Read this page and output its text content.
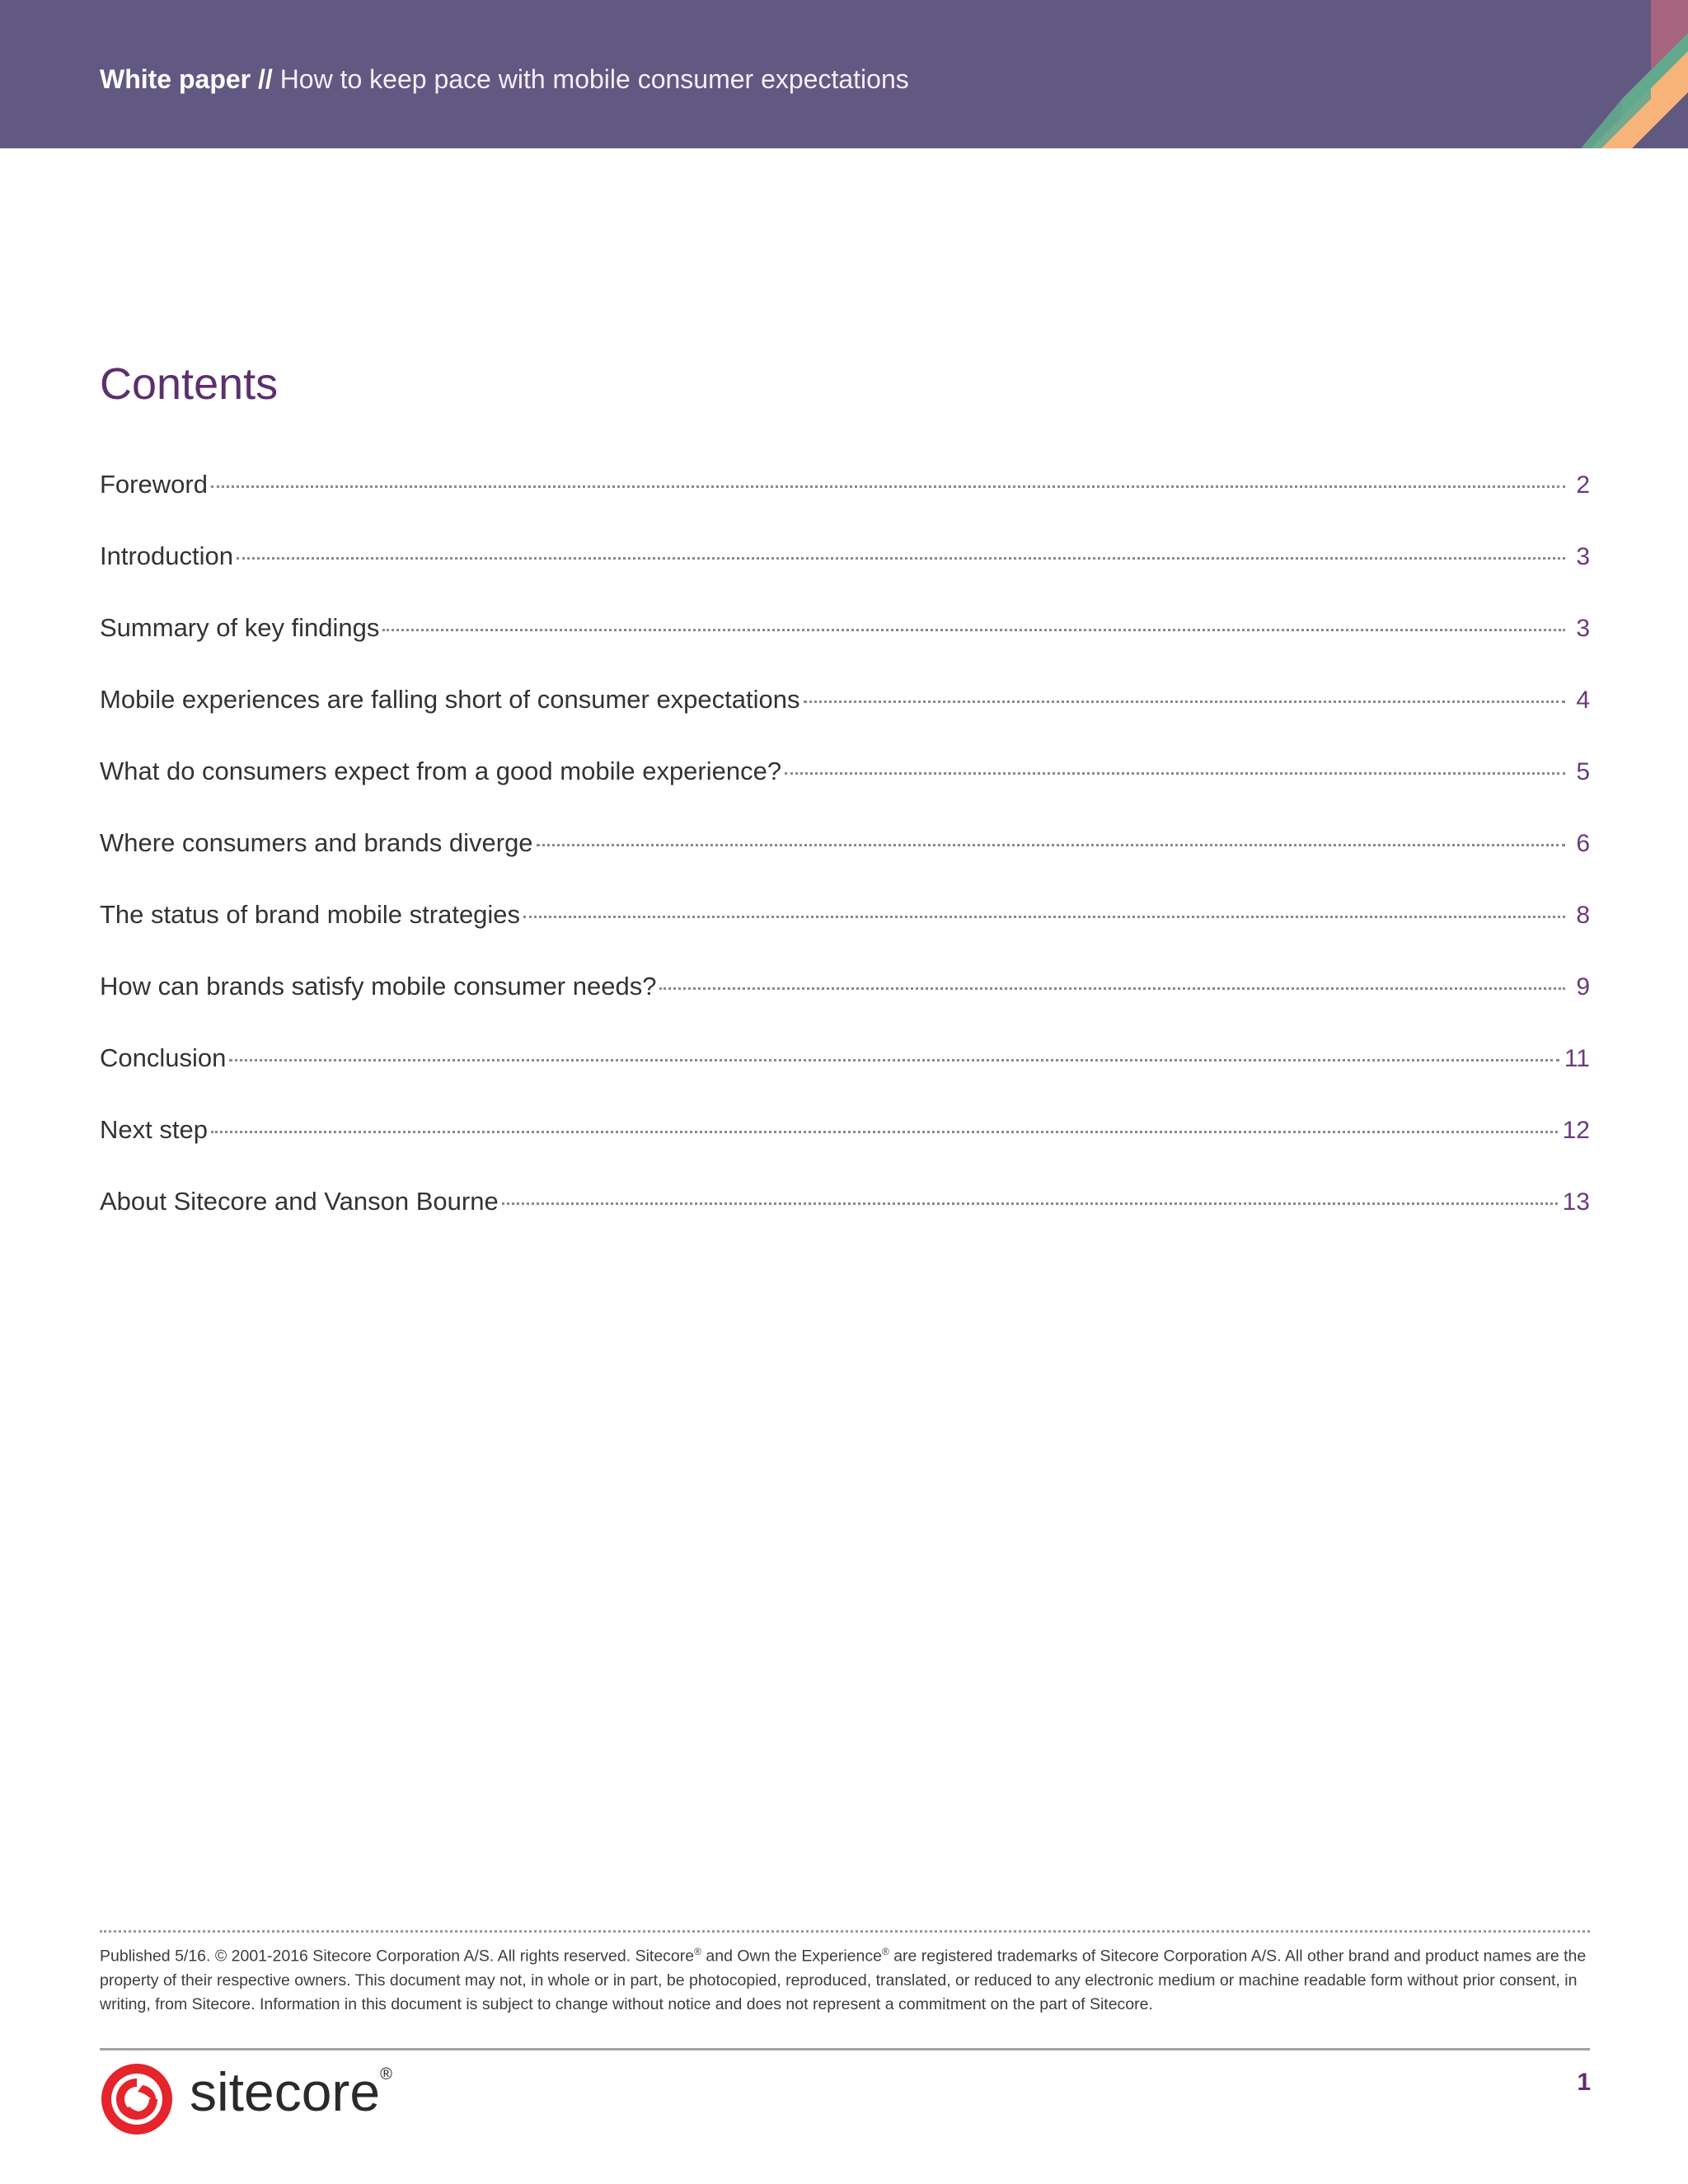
White paper // How to keep pace with mobile consumer expectations
Contents
Foreword	2
Introduction	3
Summary of key findings	3
Mobile experiences are falling short of consumer expectations	4
What do consumers expect from a good mobile experience?	5
Where consumers and brands diverge	6
The status of brand mobile strategies	8
How can brands satisfy mobile consumer needs?	9
Conclusion	11
Next step	12
About Sitecore and Vanson Bourne	13
Published 5/16. © 2001-2016 Sitecore Corporation A/S. All rights reserved. Sitecore® and Own the Experience® are registered trademarks of Sitecore Corporation A/S. All other brand and product names are the property of their respective owners. This document may not, in whole or in part, be photocopied, reproduced, translated, or reduced to any electronic medium or machine readable form without prior consent, in writing, from Sitecore. Information in this document is subject to change without notice and does not represent a commitment on the part of Sitecore.
sitecore®	1
